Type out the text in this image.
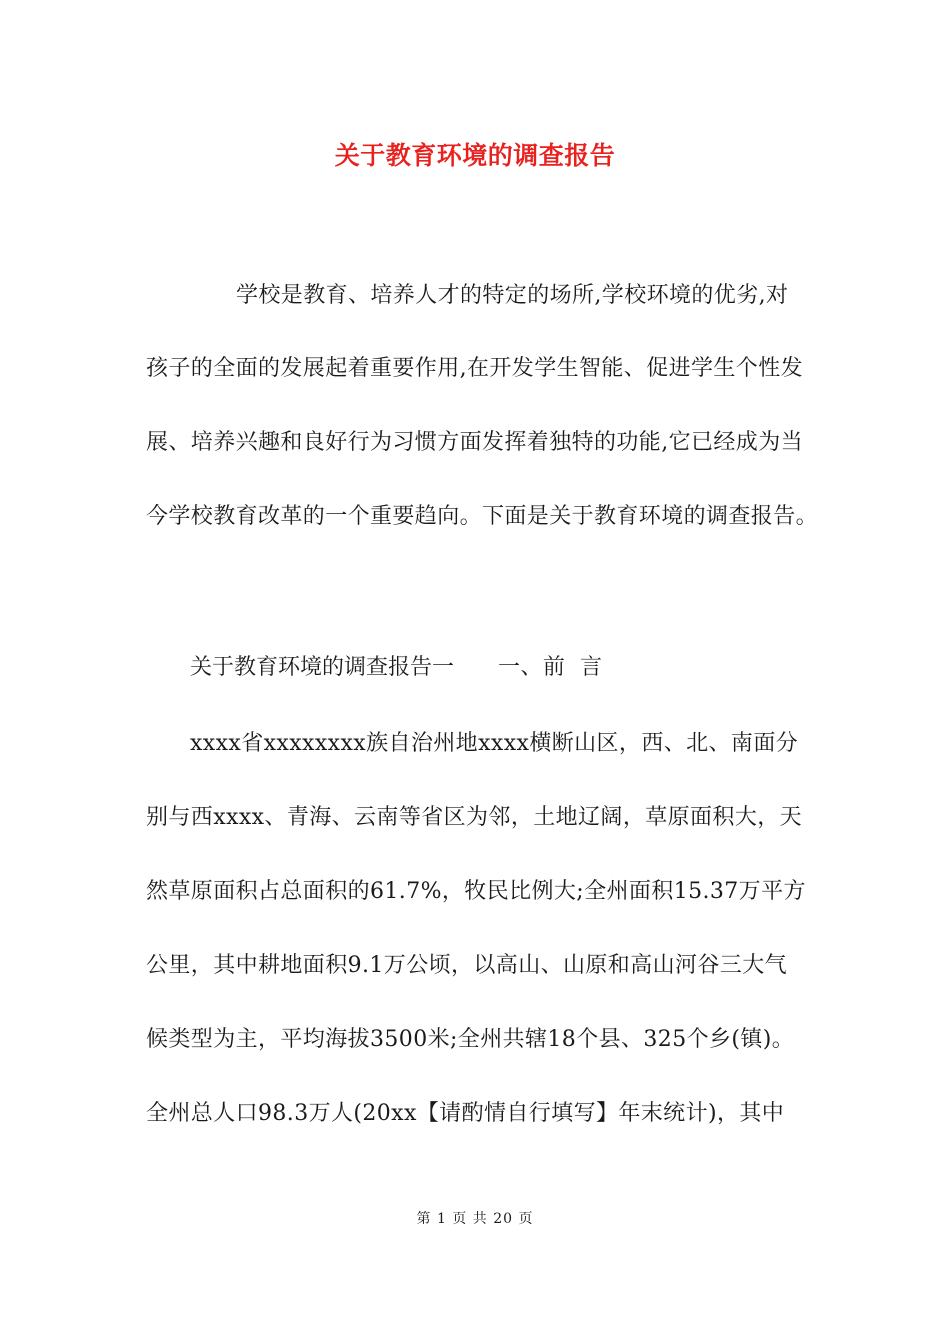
关于教育环境的调查报告
学校是教育、培养人才的特定的场所,学校环境的优劣,对
孩子的全面的发展起着重要作用,在开发学生智能、促进学生个性发
展、培养兴趣和良好行为习惯方面发挥着独特的功能,它已经成为当
今学校教育改革的一个重要趋向。下面是关于教育环境的调查报告。
关于教育环境的调查报告一 一、前  言
xxxx省xxxxxxxx族自治州地xxxx横断山区，西、北、南面分
别与西xxxx、青海、云南等省区为邻，土地辽阔，草原面积大，天
然草原面积占总面积的61.7%，牧民比例大;全州面积15.37万平方
公里，其中耕地面积9.1万公顷，以高山、山原和高山河谷三大气
候类型为主，平均海拔3500米;全州共辖18个县、325个乡(镇)。
全州总人口98.3万人(20xx【请酌情自行填写】年末统计)，其中
第 1 页 共 20 页
